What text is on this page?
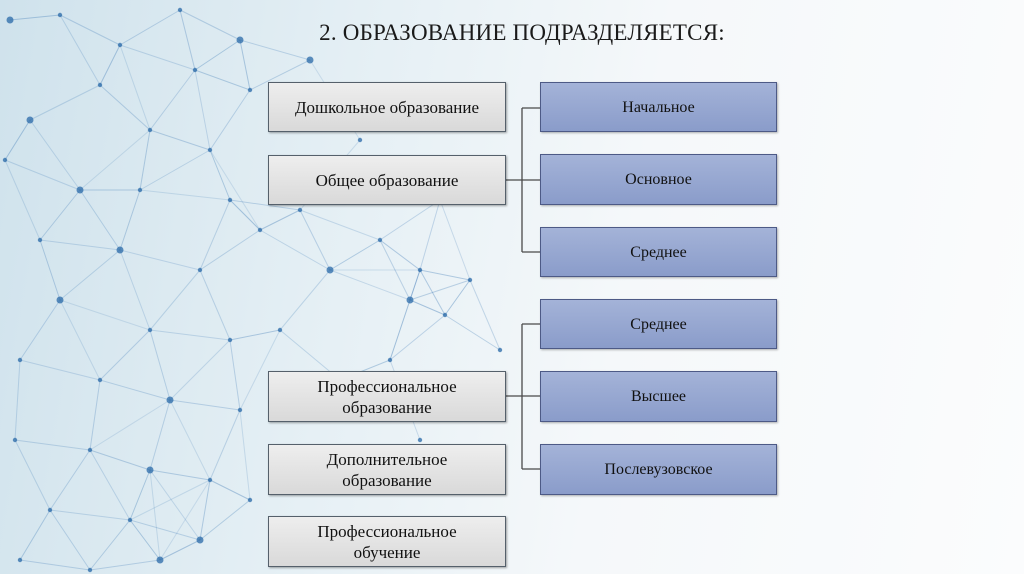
2. ОБРАЗОВАНИЕ ПОДРАЗДЕЛЯЕТСЯ:
Дошкольное образование
Общее образование
Профессиональное образование
Дополнительное образование
Профессиональное обучение
Начальное
Основное
Среднее
Среднее
Высшее
Послевузовское
